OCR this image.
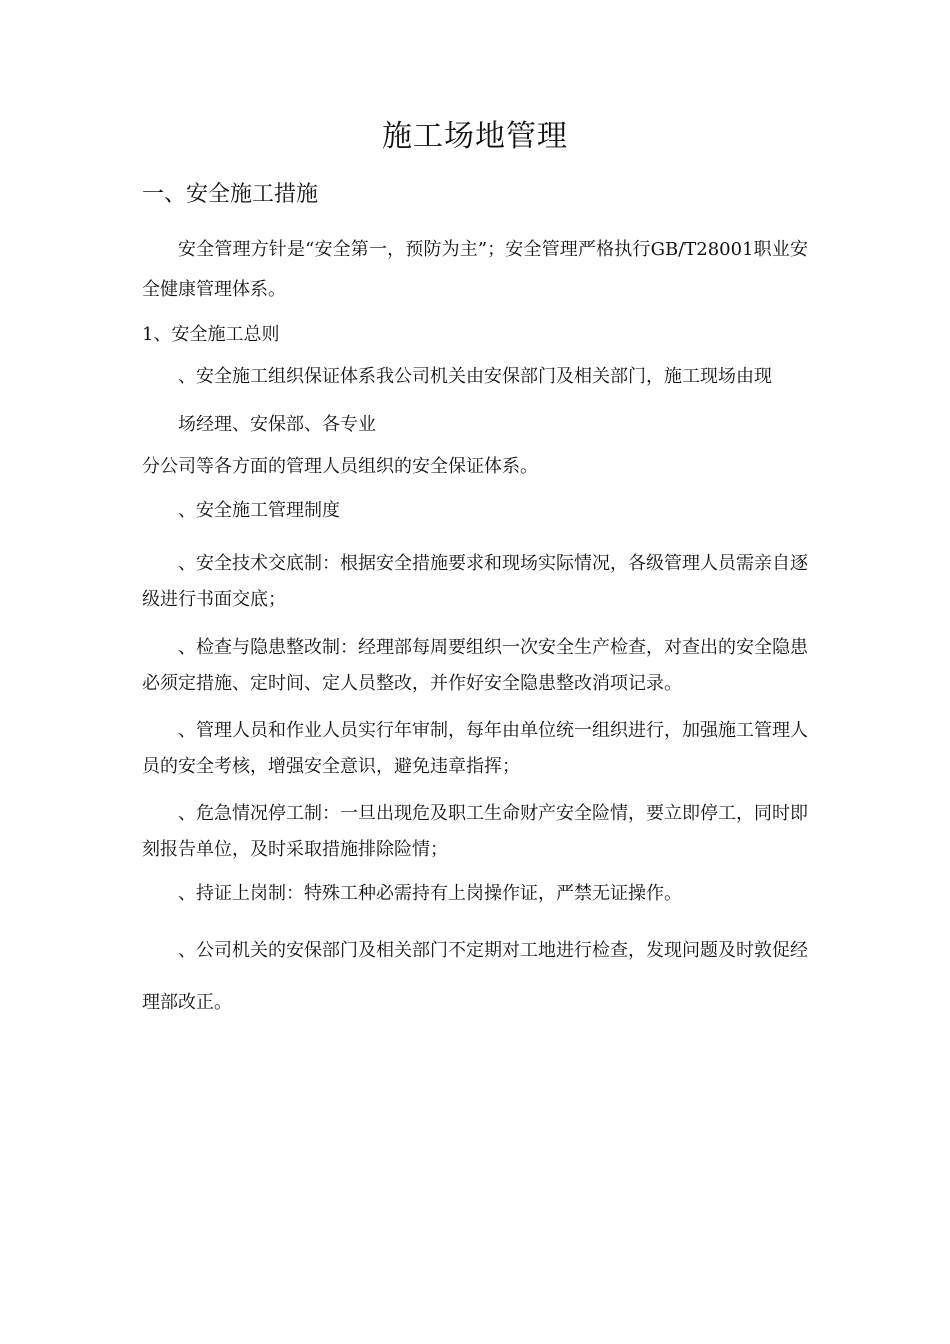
施工场地管理
一、安全施工措施

安全管理方针是“安全第一，预防为主”；安全管理严格执行GB/T28001职业安全健康管理体系。

1、安全施工总则

、安全施工组织保证体系我公司机关由安保部门及相关部门，施工现场由现

场经理、安保部、各专业

分公司等各方面的管理人员组织的安全保证体系。

、安全施工管理制度

、安全技术交底制：根据安全措施要求和现场实际情况，各级管理人员需亲自逐级进行书面交底；

、检查与隐患整改制：经理部每周要组织一次安全生产检查，对查出的安全隐患必须定措施、定时间、定人员整改，并作好安全隐患整改消项记录。

、管理人员和作业人员实行年审制，每年由单位统一组织进行，加强施工管理人员的安全考核，增强安全意识，避免违章指挥；

、危急情况停工制：一旦出现危及职工生命财产安全险情，要立即停工，同时即刻报告单位，及时采取措施排除险情；

、持证上岗制：特殊工种必需持有上岗操作证，严禁无证操作。

、公司机关的安保部门及相关部门不定期对工地进行检查，发现问题及时敦促经理部改正。
